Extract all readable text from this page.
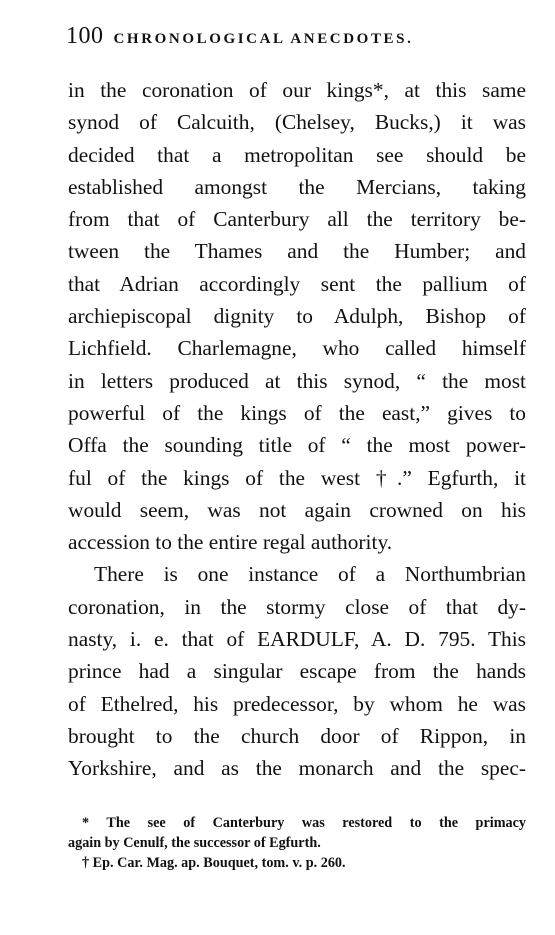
100 CHRONOLOGICAL ANECDOTES.
in the coronation of our kings*, at this same
synod of Calcuith, (Chelsey, Bucks,) it was
decided that a metropolitan see should be
established amongst the Mercians, taking
from that of Canterbury all the territory be-
tween the Thames and the Humber; and
that Adrian accordingly sent the pallium of
archiepiscopal dignity to Adulph, Bishop of
Lichfield. Charlemagne, who called himself
in letters produced at this synod, “ the most
powerful of the kings of the east,” gives to
Offa the sounding title of “ the most power-
ful of the kings of the west †.” Egfurth, it
would seem, was not again crowned on his
accession to the entire regal authority.
There is one instance of a Northumbrian
coronation, in the stormy close of that dy-
nasty, i. e. that of EARDULF, A. D. 795. This
prince had a singular escape from the hands
of Ethelred, his predecessor, by whom he was
brought to the church door of Rippon, in
Yorkshire, and as the monarch and the spec-
* The see of Canterbury was restored to the primacy
again by Cenulf, the successor of Egfurth.
† Ep. Car. Mag. ap. Bouquet, tom. v. p. 260.
